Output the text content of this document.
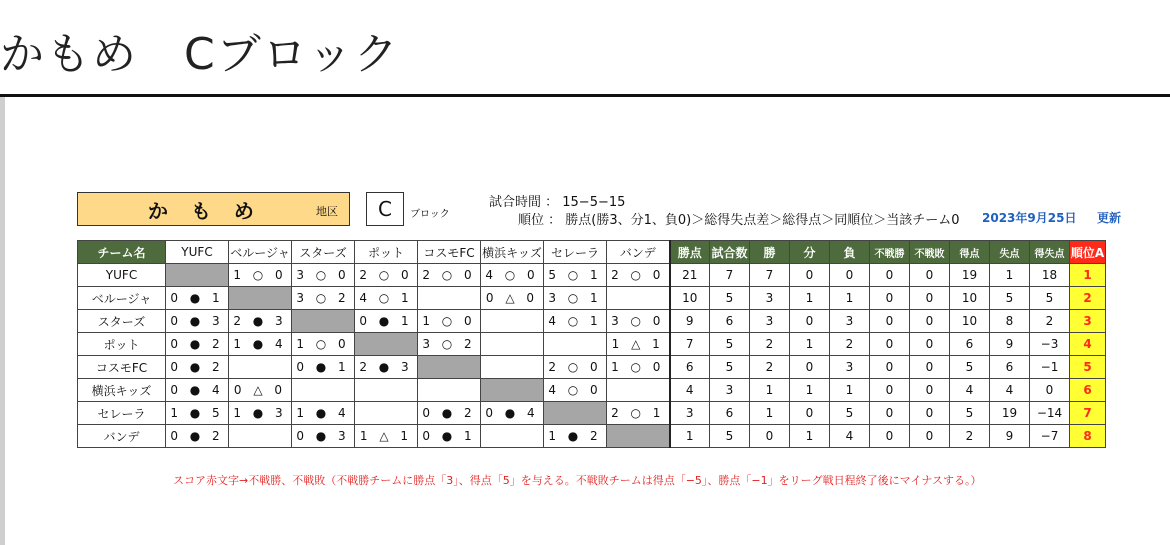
かもめ　Cブロック
か も め	地区	C	ブロック
試合時間 ： 15−5−15
順位 ： 勝点(勝3、分1、負0)＞総得失点差＞総得点＞同順位＞当該チーム0	2023年9月25日 更新
チーム名	YUFC	ベルージャ	スターズ	ポット	コスモFC	横浜キッズ	セレーラ	バンデ	勝点	試合数	勝	分	負	不戦勝	不戦敗	得点	失点	得失点	順位A
YUFC		1 ○ 0	3 ○ 0	2 ○ 0	2 ○ 0	4 ○ 0	5 ○ 1	2 ○ 0	21	7	7	0	0	0	0	19	1	18	1
ベルージャ	0 ● 1		3 ○ 2	4 ○ 1		0 △ 0	3 ○ 1		10	5	3	1	1	0	0	10	5	5	2
スターズ	0 ● 3	2 ● 3		0 ● 1	1 ○ 0		4 ○ 1	3 ○ 0	9	6	3	0	3	0	0	10	8	2	3
ポット	0 ● 2	1 ● 4	1 ○ 0		3 ○ 2			1 △ 1	7	5	2	1	2	0	0	6	9	−3	4
コスモFC	0 ● 2		0 ● 1	2 ● 3			2 ○ 0	1 ○ 0	6	5	2	0	3	0	0	5	6	−1	5
横浜キッズ	0 ● 4	0 △ 0					4 ○ 0		4	3	1	1	1	0	0	4	4	0	6
セレーラ	1 ● 5	1 ● 3	1 ● 4		0 ● 2	0 ● 4		2 ○ 1	3	6	1	0	5	0	0	5	19	−14	7
バンデ	0 ● 2		0 ● 3	1 △ 1	0 ● 1		1 ● 2		1	5	0	1	4	0	0	2	9	−7	8
スコア赤文字→不戦勝、不戦敗（不戦勝チームに勝点「3」、得点「5」を与える。不戦敗チームは得点「−5」、勝点「−1」をリーグ戦日程終了後にマイナスする。）
